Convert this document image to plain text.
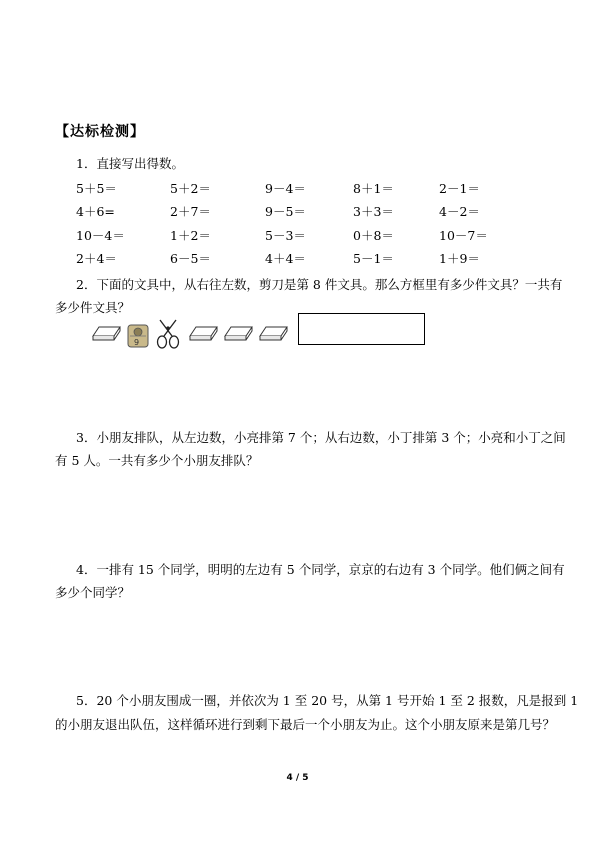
【达标检测】
1．直接写出得数。
5＋5＝	5＋2＝	9－4＝	8＋1＝	2－1＝
4＋6=	2＋7＝	9－5＝	3＋3＝	4－2＝
10－4＝	1＋2＝	5－3＝	0＋8＝	10－7＝
2＋4＝	6－5＝	4＋4＝	5－1＝	1＋9＝
2．下面的文具中，从右往左数，剪刀是第 8 件文具。那么方框里有多少件文具？一共有
多少件文具？
9
3．小朋友排队，从左边数，小亮排第 7 个；从右边数，小丁排第 3 个；小亮和小丁之间
有 5 人。一共有多少个小朋友排队？
4．一排有 15 个同学，明明的左边有 5 个同学，京京的右边有 3 个同学。他们俩之间有
多少个同学？
5．20 个小朋友围成一圈，并依次为 1 至 20 号，从第 1 号开始 1 至 2 报数，凡是报到 1
的小朋友退出队伍，这样循环进行到剩下最后一个小朋友为止。这个小朋友原来是第几号？
4 / 5
